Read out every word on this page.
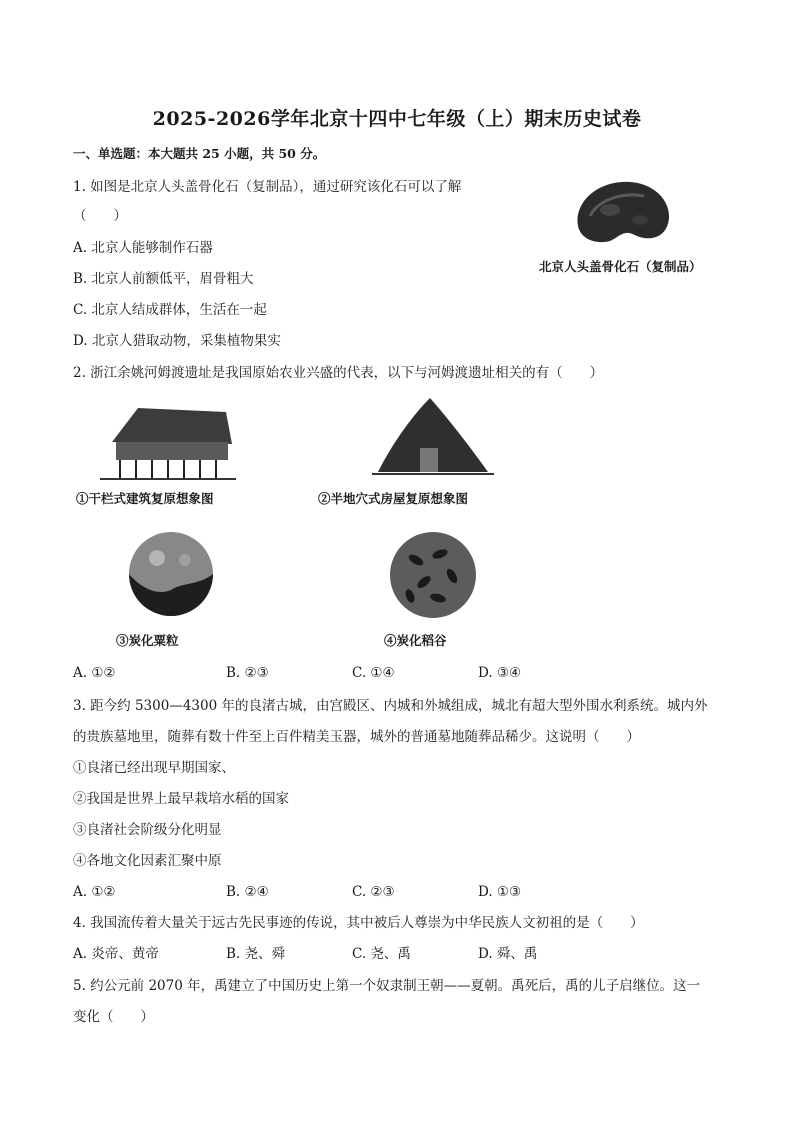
2025-2026学年北京十四中七年级（上）期末历史试卷
一、单选题：本大题共 25 小题，共 50 分。
1. 如图是北京人头盖骨化石（复制品），通过研究该化石可以了解
（　　）
A. 北京人能够制作石器
B. 北京人前额低平，眉骨粗大
C. 北京人结成群体，生活在一起
D. 北京人猎取动物，采集植物果实
北京人头盖骨化石（复制品）
2. 浙江余姚河姆渡遗址是我国原始农业兴盛的代表，以下与河姆渡遗址相关的有（　　）
①干栏式建筑复原想象图	②半地穴式房屋复原想象图
③炭化粟粒	④炭化稻谷
A. ①②	B. ②③	C. ①④	D. ③④
3. 距今约 5300—4300 年的良渚古城，由宫殿区、内城和外城组成，城北有超大型外围水利系统。城内外
的贵族墓地里，随葬有数十件至上百件精美玉器，城外的普通墓地随葬品稀少。这说明（　　）
①良渚已经出现早期国家、
②我国是世界上最早栽培水稻的国家
③良渚社会阶级分化明显
④各地文化因素汇聚中原
A. ①②	B. ②④	C. ②③	D. ①③
4. 我国流传着大量关于远古先民事迹的传说，其中被后人尊崇为中华民族人文初祖的是（　　）
A. 炎帝、黄帝	B. 尧、舜	C. 尧、禹	D. 舜、禹
5. 约公元前 2070 年，禹建立了中国历史上第一个奴隶制王朝——夏朝。禹死后，禹的儿子启继位。这一
变化（　　）
